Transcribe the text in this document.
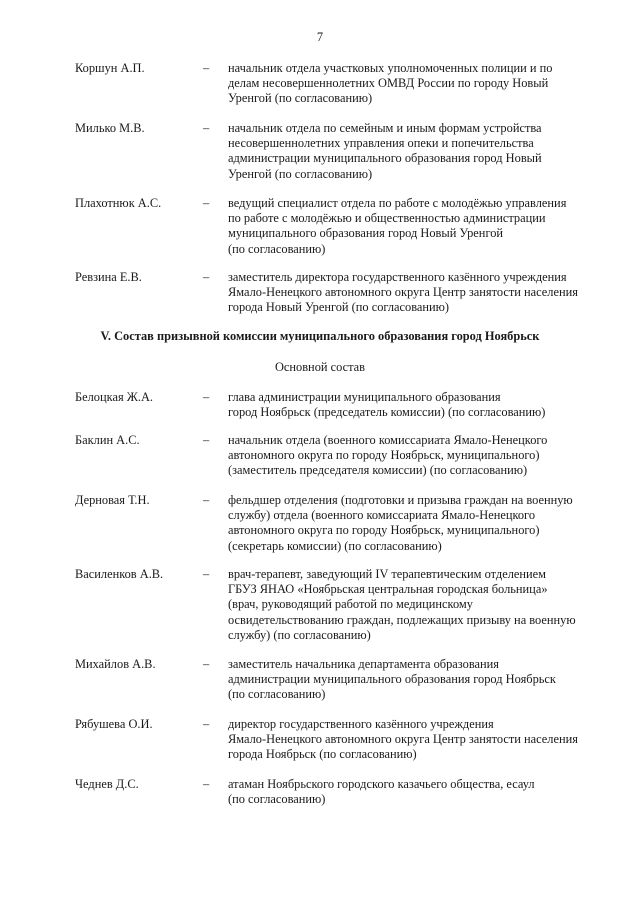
7
Коршун А.П.	– начальник отдела участковых уполномоченных полиции и по
делам несовершеннолетних ОМВД России по городу Новый
Уренгой (по согласованию)
Милько М.В.	– начальник отдела по семейным и иным формам устройства
несовершеннолетних управления опеки и попечительства
администрации муниципального образования город Новый
Уренгой (по согласованию)
Плахотнюк А.С.	– ведущий специалист отдела по работе с молодёжью управления
по работе с молодёжью и общественностью администрации
муниципального образования город Новый Уренгой
(по согласованию)
Ревзина Е.В.	– заместитель директора государственного казённого учреждения
Ямало-Ненецкого автономного округа Центр занятости населения
города Новый Уренгой (по согласованию)
V. Состав призывной комиссии муниципального образования город Ноябрьск
Основной состав
Белоцкая Ж.А.	– глава администрации муниципального образования
город Ноябрьск (председатель комиссии) (по согласованию)
Баклин А.С.	– начальник отдела (военного комиссариата Ямало-Ненецкого
автономного округа по городу Ноябрьск, муниципального)
(заместитель председателя комиссии) (по согласованию)
Дерновая Т.Н.	– фельдшер отделения (подготовки и призыва граждан на военную
службу) отдела (военного комиссариата Ямало-Ненецкого
автономного округа по городу Ноябрьск, муниципального)
(секретарь комиссии) (по согласованию)
Василенков А.В.	– врач-терапевт, заведующий IV терапевтическим отделением
ГБУЗ ЯНАО «Ноябрьская центральная городская больница»
(врач, руководящий работой по медицинскому
освидетельствованию граждан, подлежащих призыву на военную
службу) (по согласованию)
Михайлов А.В.	– заместитель начальника департамента образования
администрации муниципального образования город Ноябрьск
(по согласованию)
Рябушева О.И.	– директор государственного казённого учреждения
Ямало-Ненецкого автономного округа Центр занятости населения
города Ноябрьск (по согласованию)
Чеднев Д.С.	– атаман Ноябрьского городского казачьего общества, есаул
(по согласованию)
